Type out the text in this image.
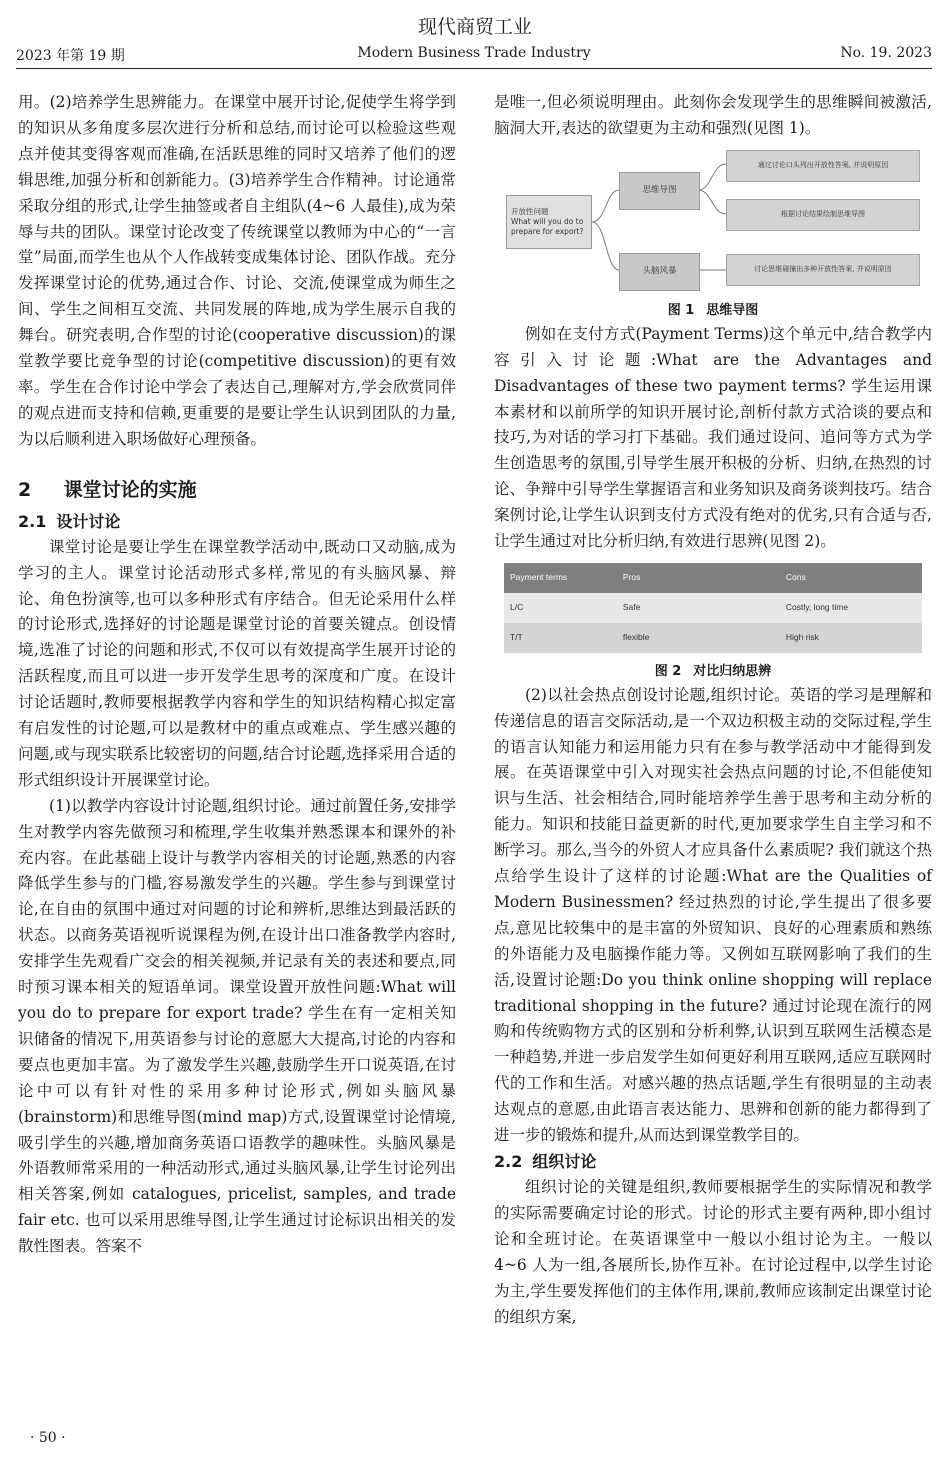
现代商贸工业
2023 年第 19 期	Modern Business Trade Industry	No. 19. 2023

用。(2)培养学生思辨能力。在课堂中展开讨论,促使学生将学到的知识从多角度多层次进行分析和总结,而讨论可以检验这些观点并使其变得客观而准确,在活跃思维的同时又培养了他们的逻辑思维,加强分析和创新能力。(3)培养学生合作精神。讨论通常采取分组的形式,让学生抽签或者自主组队(4~6 人最佳),成为荣辱与共的团队。课堂讨论改变了传统课堂以教师为中心的“一言堂”局面,而学生也从个人作战转变成集体讨论、团队作战。充分发挥课堂讨论的优势,通过合作、讨论、交流,使课堂成为师生之间、学生之间相互交流、共同发展的阵地,成为学生展示自我的舞台。研究表明,合作型的讨论(cooperative discussion)的课堂教学要比竞争型的讨论(competitive discussion)的更有效率。学生在合作讨论中学会了表达自己,理解对方,学会欣赏同伴的观点进而支持和信赖,更重要的是要让学生认识到团队的力量,为以后顺利进入职场做好心理预备。

2 课堂讨论的实施
2.1 设计讨论

课堂讨论是要让学生在课堂教学活动中,既动口又动脑,成为学习的主人。课堂讨论活动形式多样,常见的有头脑风暴、辩论、角色扮演等,也可以多种形式有序结合。但无论采用什么样的讨论形式,选择好的讨论题是课堂讨论的首要关键点。创设情境,选准了讨论的问题和形式,不仅可以有效提高学生展开讨论的活跃程度,而且可以进一步开发学生思考的深度和广度。在设计讨论话题时,教师要根据教学内容和学生的知识结构精心拟定富有启发性的讨论题,可以是教材中的重点或难点、学生感兴趣的问题,或与现实联系比较密切的问题,结合讨论题,选择采用合适的形式组织设计开展课堂讨论。

(1)以教学内容设计讨论题,组织讨论。通过前置任务,安排学生对教学内容先做预习和梳理,学生收集并熟悉课本和课外的补充内容。在此基础上设计与教学内容相关的讨论题,熟悉的内容降低学生参与的门槛,容易激发学生的兴趣。学生参与到课堂讨论,在自由的氛围中通过对问题的讨论和辨析,思维达到最活跃的状态。以商务英语视听说课程为例,在设计出口准备教学内容时,安排学生先观看广交会的相关视频,并记录有关的表述和要点,同时预习课本相关的短语单词。课堂设置开放性问题:What will you do to prepare for export trade? 学生在有一定相关知识储备的情况下,用英语参与讨论的意愿大大提高,讨论的内容和要点也更加丰富。为了激发学生兴趣,鼓励学生开口说英语,在讨论中可以有针对性的采用多种讨论形式,例如头脑风暴(brainstorm)和思维导图(mind map)方式,设置课堂讨论情境,吸引学生的兴趣,增加商务英语口语教学的趣味性。头脑风暴是外语教师常采用的一种活动形式,通过头脑风暴,让学生讨论列出相关答案,例如 catalogues, pricelist, samples, and trade fair etc. 也可以采用思维导图,让学生通过讨论标识出相关的发散性图表。答案不

是唯一,但必须说明理由。此刻你会发现学生的思维瞬间被激活,脑洞大开,表达的欲望更为主动和强烈(见图 1)。

开放性问题
What will you do to prepare for export?
思维导图
头脑风暴
通过讨论口头列出开放性答案, 并说明原因
根据讨论结果绘制思维导图
讨论思维碰撞出多种开放性答案, 并说明原因
图 1 思维导图

例如在支付方式(Payment Terms)这个单元中,结合教学内容引入讨论题:What are the Advantages and Disadvantages of these two payment terms? 学生运用课本素材和以前所学的知识开展讨论,剖析付款方式洽谈的要点和技巧,为对话的学习打下基础。我们通过设问、追问等方式为学生创造思考的氛围,引导学生展开积极的分析、归纳,在热烈的讨论、争辩中引导学生掌握语言和业务知识及商务谈判技巧。结合案例讨论,让学生认识到支付方式没有绝对的优劣,只有合适与否,让学生通过对比分析归纳,有效进行思辨(见图 2)。

Payment terms	Pros	Cons
L/C	Safe	Costly, long time
T/T	flexible	High risk
图 2 对比归纳思辨

(2)以社会热点创设讨论题,组织讨论。英语的学习是理解和传递信息的语言交际活动,是一个双边积极主动的交际过程,学生的语言认知能力和运用能力只有在参与教学活动中才能得到发展。在英语课堂中引入对现实社会热点问题的讨论,不但能使知识与生活、社会相结合,同时能培养学生善于思考和主动分析的能力。知识和技能日益更新的时代,更加要求学生自主学习和不断学习。那么,当今的外贸人才应具备什么素质呢? 我们就这个热点给学生设计了这样的讨论题:What are the Qualities of Modern Businessmen? 经过热烈的讨论,学生提出了很多要点,意见比较集中的是丰富的外贸知识、良好的心理素质和熟练的外语能力及电脑操作能力等。又例如互联网影响了我们的生活,设置讨论题:Do you think online shopping will replace traditional shopping in the future? 通过讨论现在流行的网购和传统购物方式的区别和分析利弊,认识到互联网生活模态是一种趋势,并进一步启发学生如何更好利用互联网,适应互联网时代的工作和生活。对感兴趣的热点话题,学生有很明显的主动表达观点的意愿,由此语言表达能力、思辨和创新的能力都得到了进一步的锻炼和提升,从而达到课堂教学目的。

2.2 组织讨论

组织讨论的关键是组织,教师要根据学生的实际情况和教学的实际需要确定讨论的形式。讨论的形式主要有两种,即小组讨论和全班讨论。在英语课堂中一般以小组讨论为主。一般以 4~6 人为一组,各展所长,协作互补。在讨论过程中,以学生讨论为主,学生要发挥他们的主体作用,课前,教师应该制定出课堂讨论的组织方案,

· 50 ·
